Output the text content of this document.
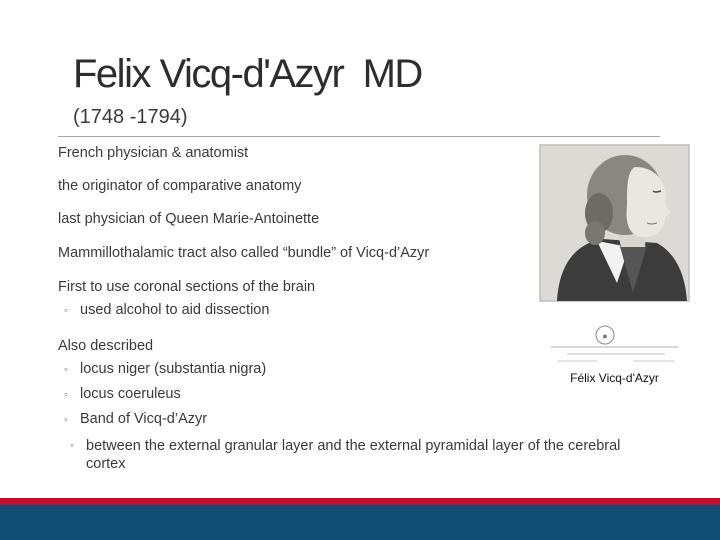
Felix Vicq-d'Azyr  MD
(1748 -1794)
French physician & anatomist
the originator of comparative anatomy
last physician of Queen Marie-Antoinette
Mammillothalamic tract also called “bundle” of Vicq-d’Azyr
First to use coronal sections of the brain
◦ used alcohol to aid dissection
Also described
◦ locus niger (substantia nigra)
◦ locus coeruleus
◦ Band of Vicq-d’Azyr
◦ between the external granular layer and the external pyramidal layer of the cerebral cortex
●
Félix Vicq-d'Azyr
